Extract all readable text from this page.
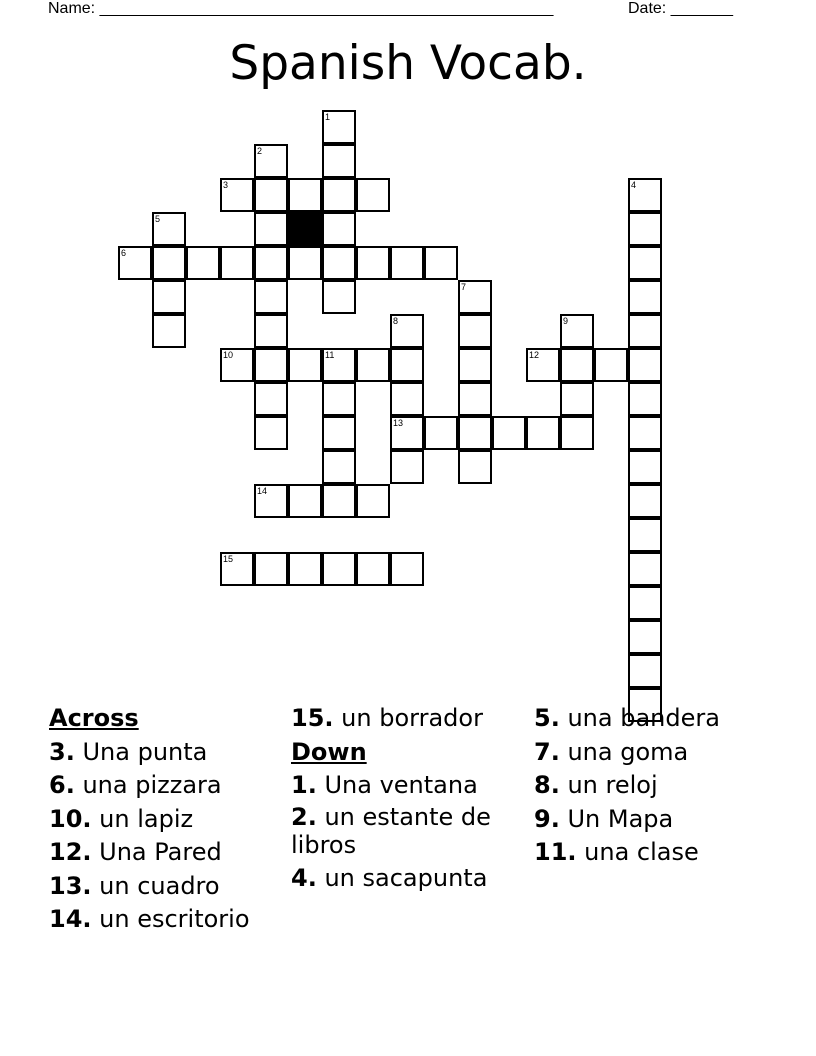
Name: ___________________________________________________	Date: _______
Spanish Vocab.
3
6
10	11	12
13
14
15
1
2
4
5
7
8	9
Across
3. Una punta
6. una pizzara
10. un lapiz
12. Una Pared
13. un cuadro
14. un escritorio
15. un borrador
Down
1. Una ventana
2. un estante de libros
4. un sacapunta
5. una bandera
7. una goma
8. un reloj
9. Un Mapa
11. una clase
